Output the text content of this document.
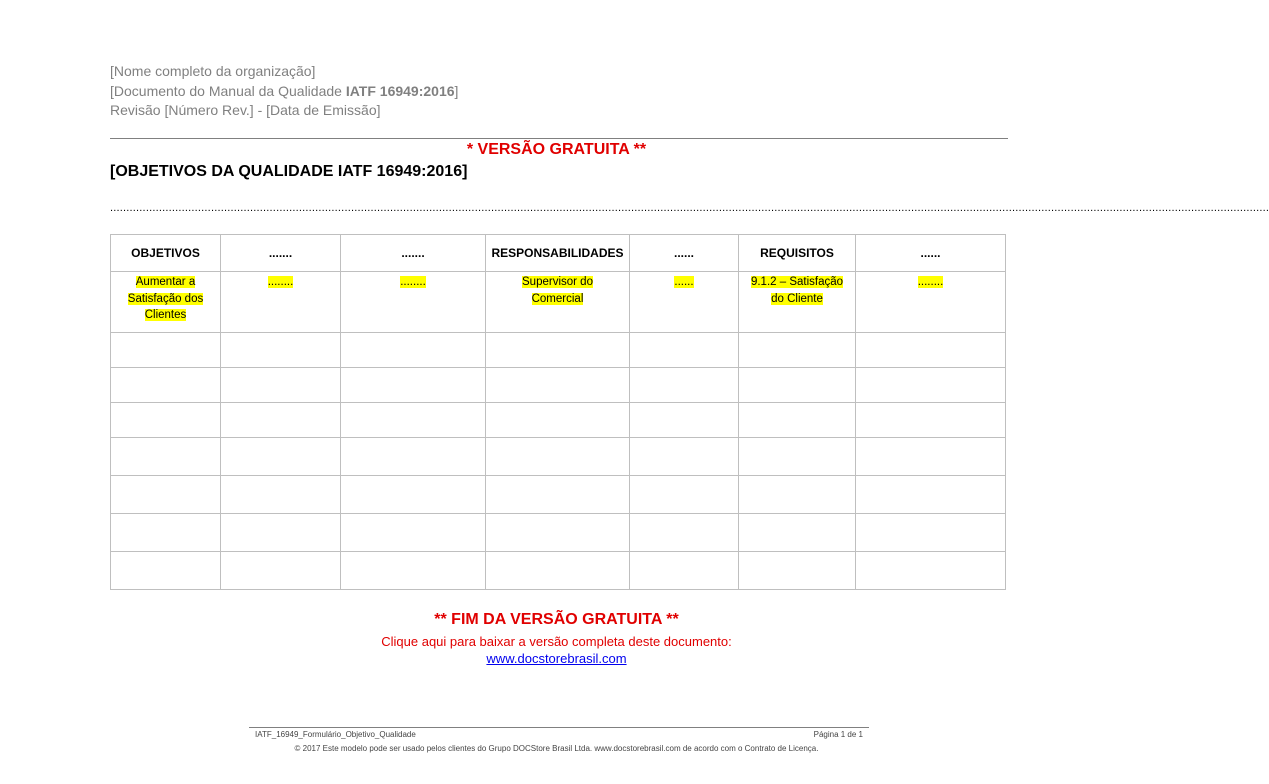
[Nome completo da organização]
[Documento do Manual da Qualidade IATF 16949:2016]
Revisão [Número Rev.] - [Data de Emissão]
* VERSÃO GRATUITA **
[OBJETIVOS DA QUALIDADE IATF 16949:2016]
....................................................................................................................................................................................................................................................................................................................................................................
OBJETIVOS	.......	.......	RESPONSABILIDADES	......	REQUISITOS	......
Aumentar a Satisfação dos Clientes	........	........	Supervisor do Comercial	......	9.1.2 – Satisfação do Cliente	........

** FIM DA VERSÃO GRATUITA **
Clique aqui para baixar a versão completa deste documento:
www.docstorebrasil.com
IATF_16949_Formulário_Objetivo_Qualidade	Página 1 de 1
© 2017 Este modelo pode ser usado pelos clientes do Grupo DOCStore Brasil Ltda. www.docstorebrasil.com de acordo com o Contrato de Licença.
